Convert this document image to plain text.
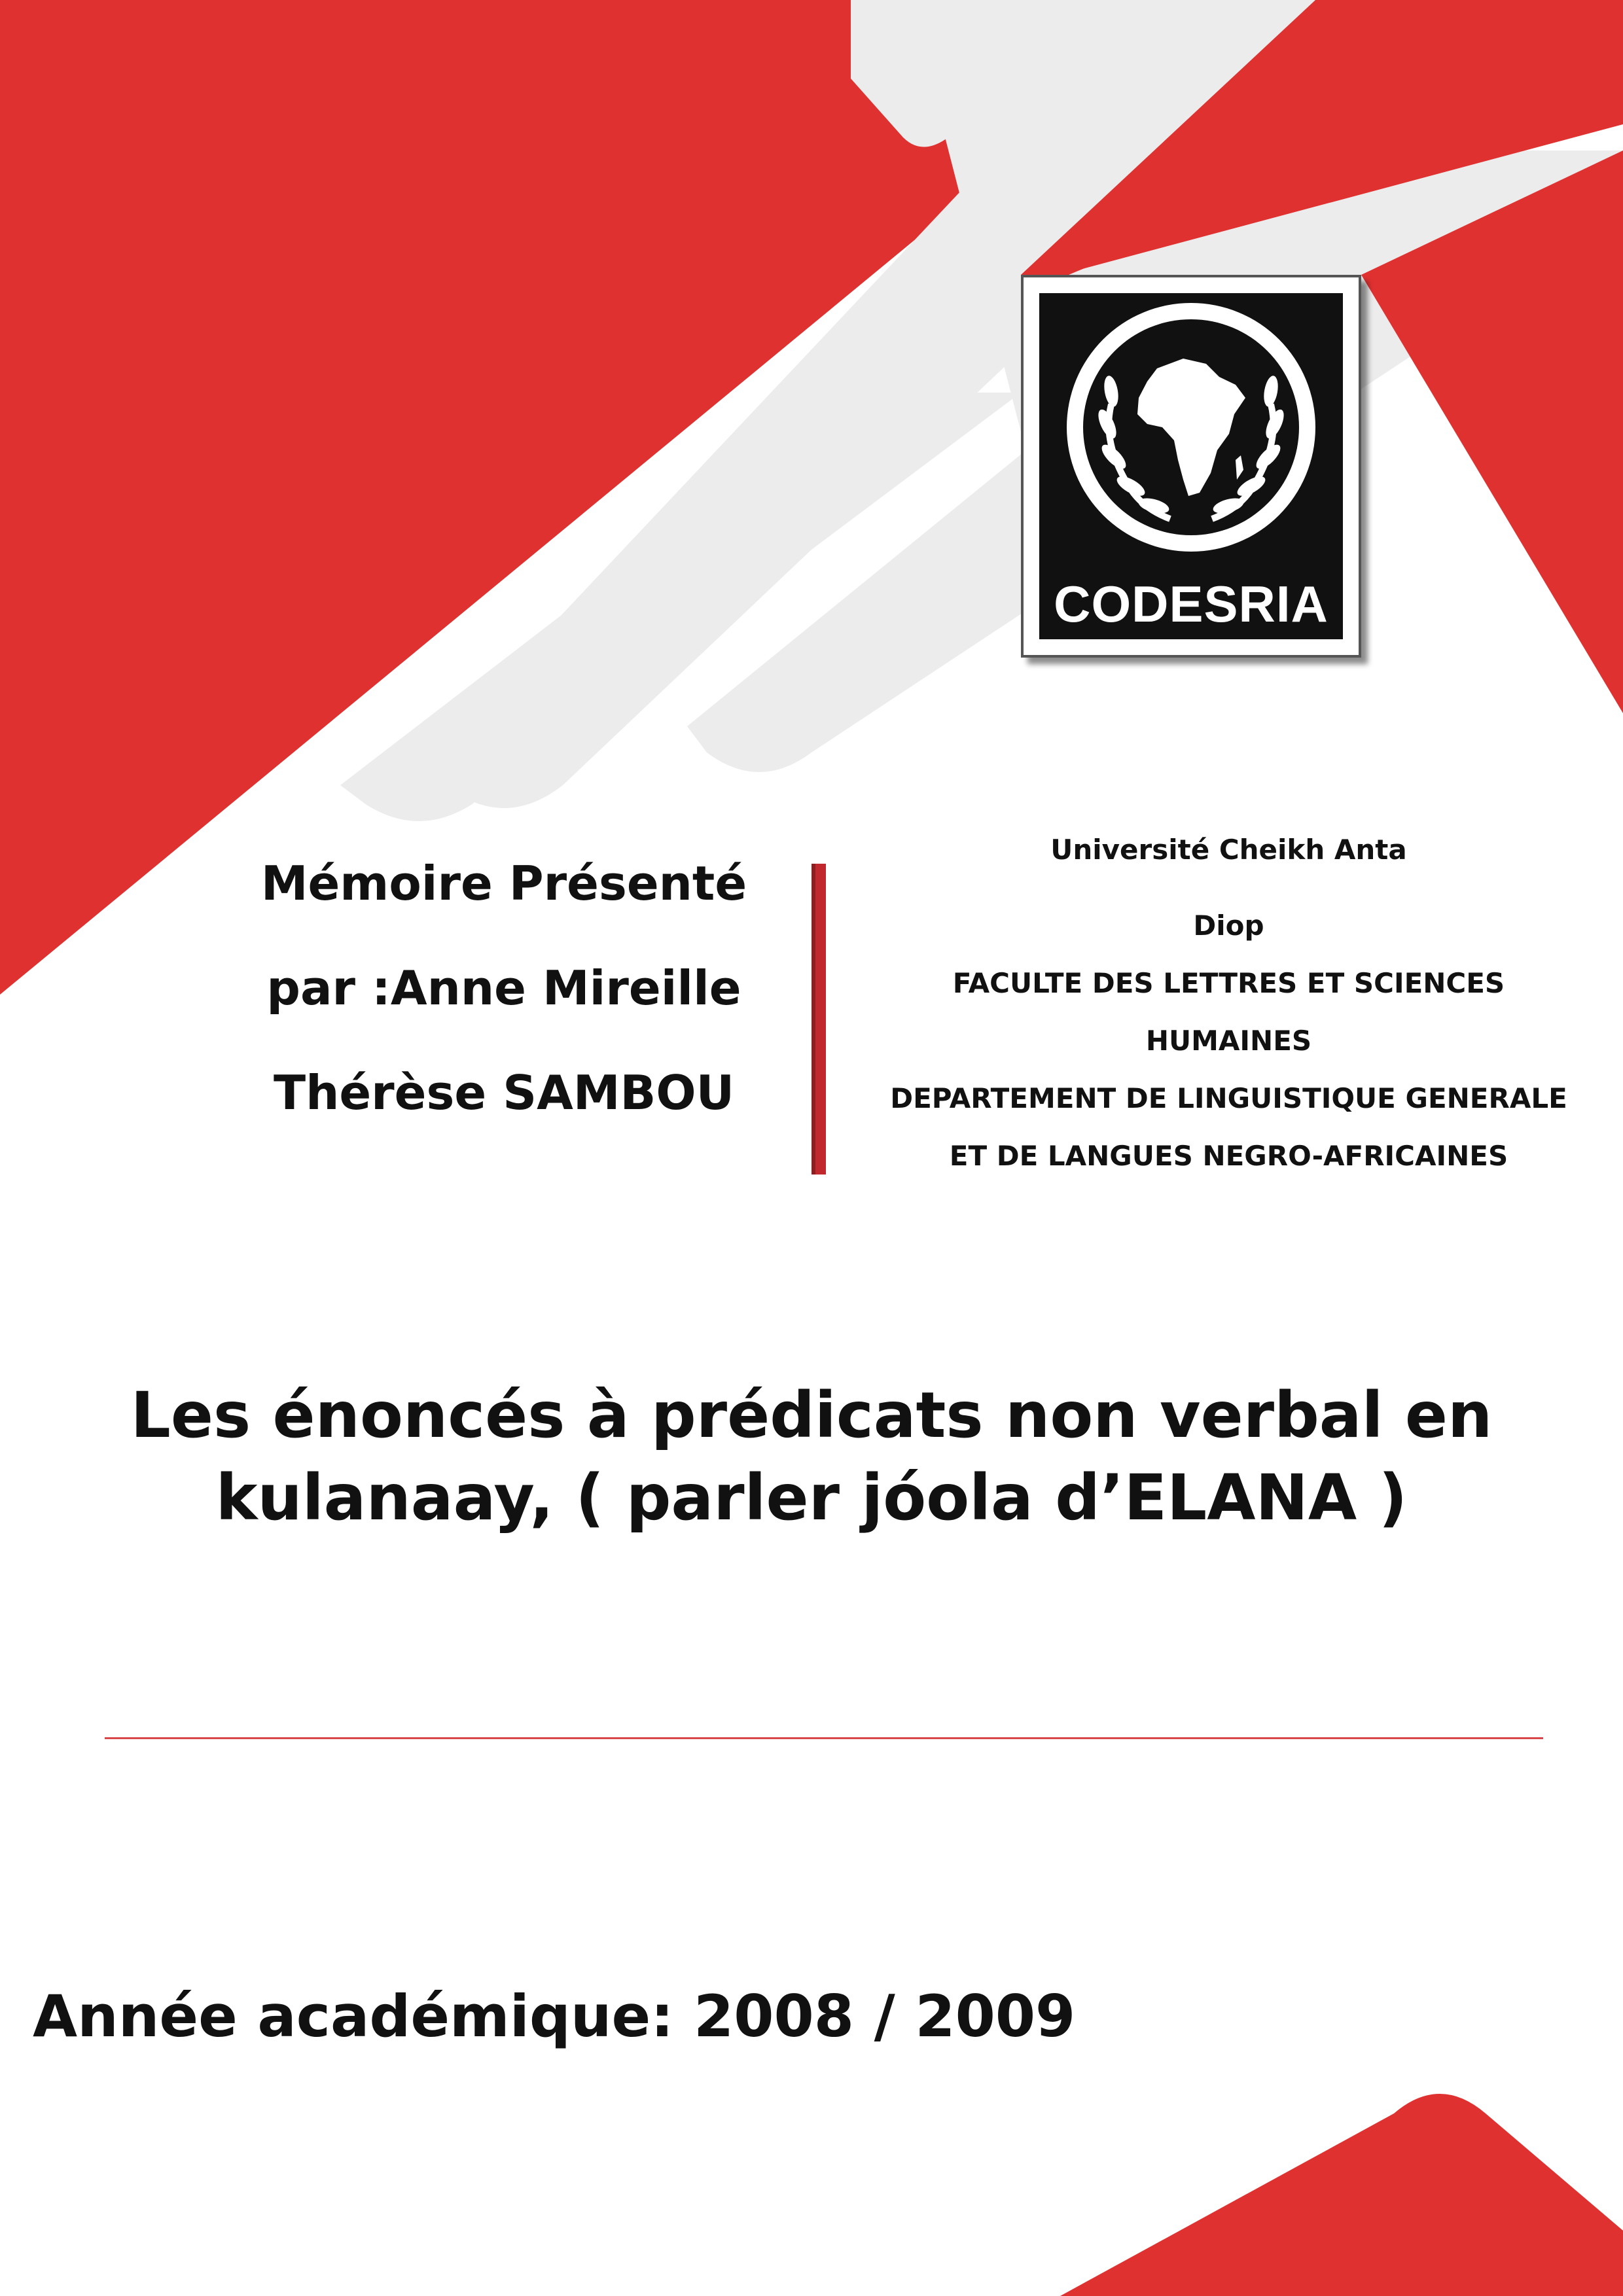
CODESRIA
Mémoire Présenté
par :Anne Mireille
Thérèse SAMBOU
Université Cheikh Anta
Diop
FACULTE DES LETTRES ET SCIENCES
HUMAINES
DEPARTEMENT DE LINGUISTIQUE GENERALE
ET DE LANGUES NEGRO-AFRICAINES
Les énoncés à prédicats non verbal en
kulanaay, ( parler jóola d’ELANA )
Année académique: 2008 / 2009
